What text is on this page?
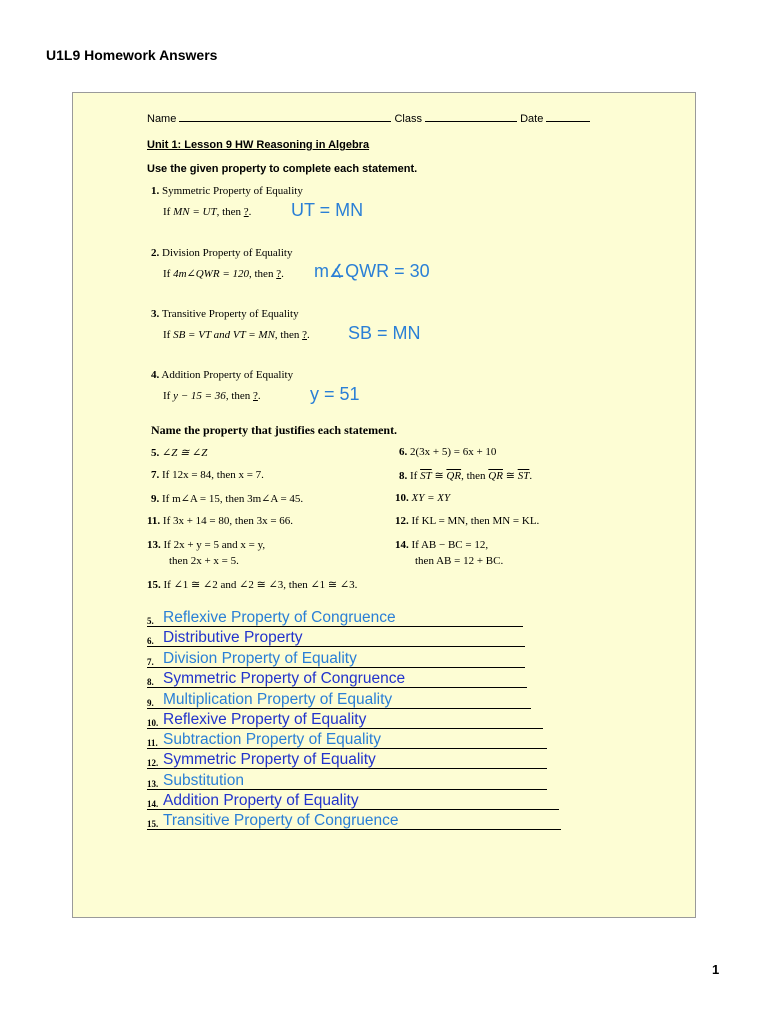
U1L9 Homework Answers
Name	Class	Date
Unit 1: Lesson 9 HW Reasoning in Algebra
Use the given property to complete each statement.
1. Symmetric Property of Equality
If MN = UT, then ?. UT = MN
2. Division Property of Equality
If 4m∠QWR = 120, then ?. m∡QWR = 30
3. Transitive Property of Equality
If SB = VT and VT = MN, then ?. SB = MN
4. Addition Property of Equality
If y − 15 = 36, then ?.	y = 51
Name the property that justifies each statement.
5. ∠Z ≅ ∠Z	6. 2(3x + 5) = 6x + 10
7. If 12x = 84, then x = 7.	8. If $\overline{ST}$ ≅ $\overline{QR}$, then $\overline{QR}$ ≅ $\overline{ST}$.
9. If m∠A = 15, then 3m∠A = 45.	10. XY = XY
11. If 3x + 14 = 80, then 3x = 66.	12. If KL = MN, then MN = KL.
13. If 2x + y = 5 and x = y,
then 2x + x = 5.
14. If AB − BC = 12,
then AB = 12 + BC.
15. If ∠1 ≅ ∠2 and ∠2 ≅ ∠3, then ∠1 ≅ ∠3.
5. Reflexive Property of Congruence
6. Distributive Property
7. Division Property of Equality
8. Symmetric Property of Congruence
9. Multiplication Property of Equality
10. Reflexive Property of Equality
11. Subtraction Property of Equality
12. Symmetric Property of Equality
13. Substitution
14. Addition Property of Equality
15. Transitive Property of Congruence
1
